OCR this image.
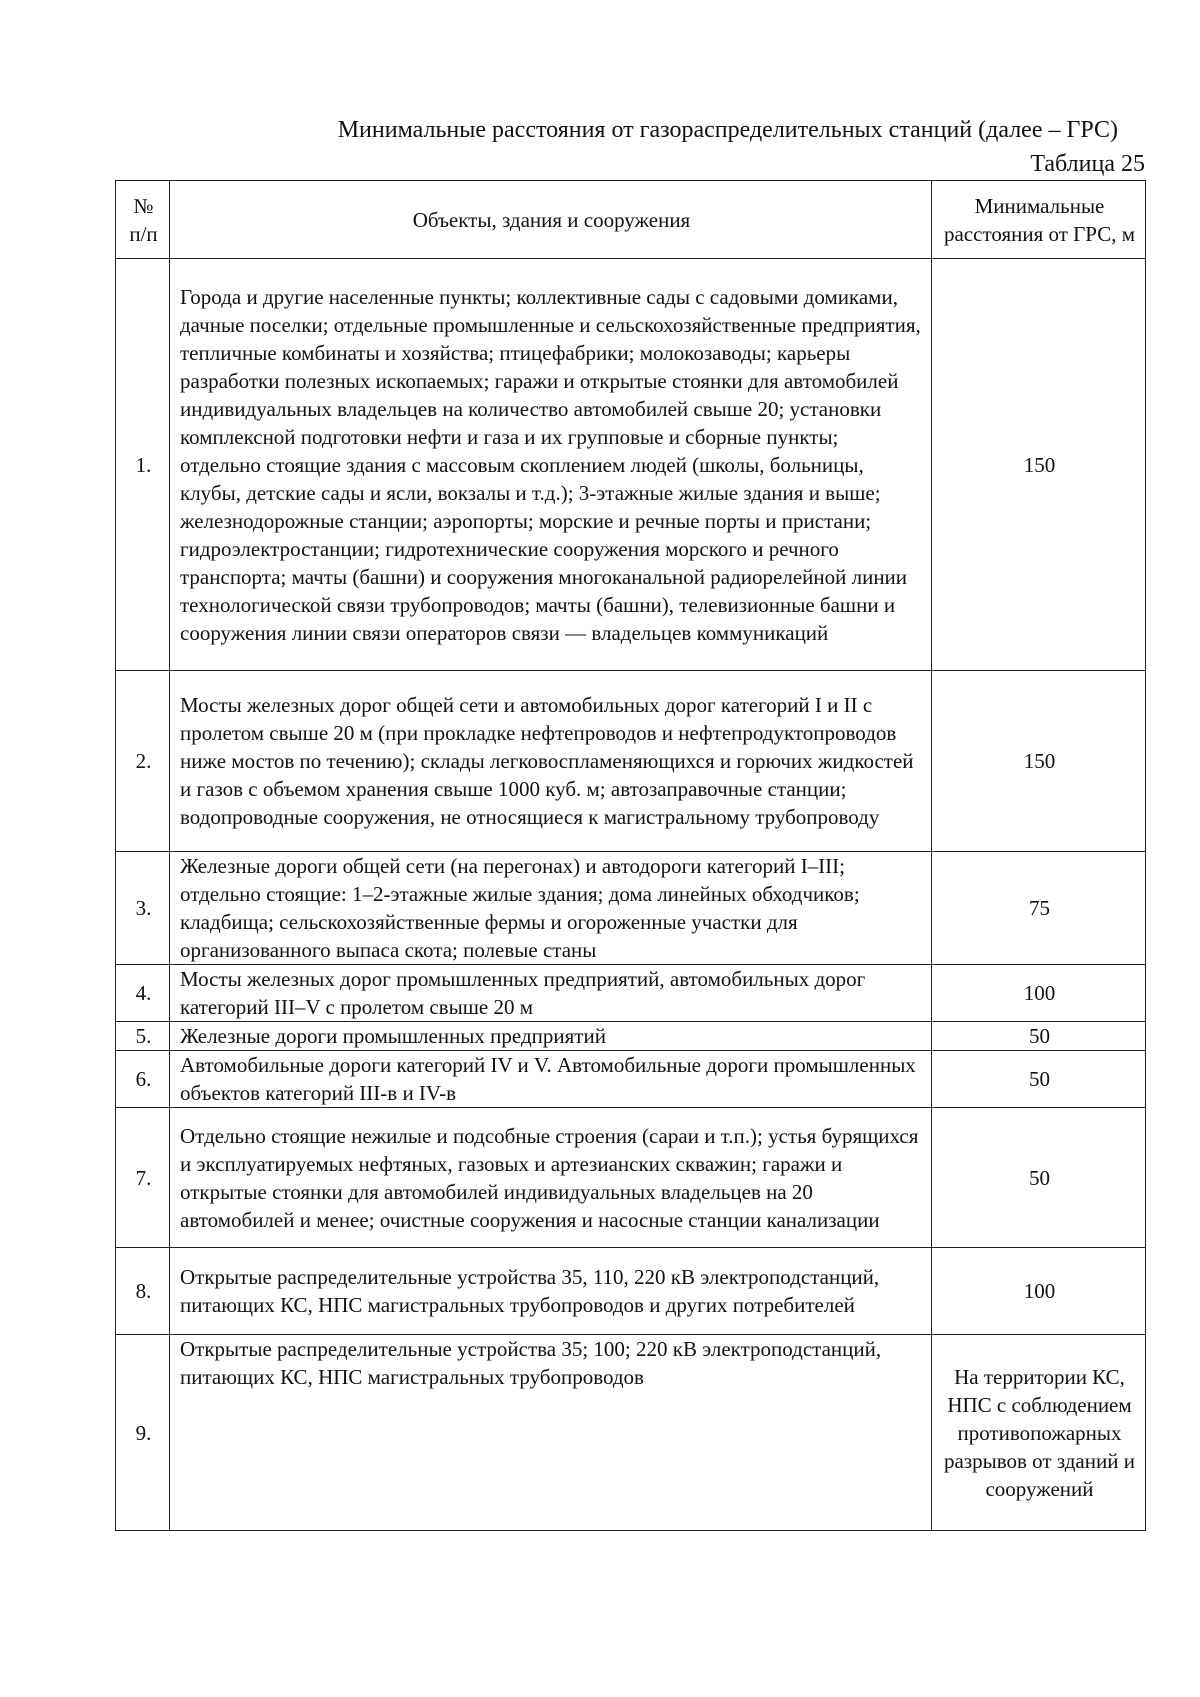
Минимальные расстояния от газораспределительных станций (далее – ГРС)
Таблица 25
№ п/п	Объекты, здания и сооружения	Минимальные расстояния от ГРС, м
1.	Города и другие населенные пункты; коллективные сады с садовыми домиками, дачные поселки; отдельные промышленные и сельскохозяйственные предприятия, тепличные комбинаты и хозяйства; птицефабрики; молокозаводы; карьеры разработки полезных ископаемых; гаражи и открытые стоянки для автомобилей индивидуальных владельцев на количество автомобилей свыше 20; установки комплексной подготовки нефти и газа и их групповые и сборные пункты; отдельно стоящие здания с массовым скоплением людей (школы, больницы, клубы, детские сады и ясли, вокзалы и т.д.); 3-этажные жилые здания и выше; железнодорожные станции; аэропорты; морские и речные порты и пристани; гидроэлектростанции; гидротехнические сооружения морского и речного транспорта; мачты (башни) и сооружения многоканальной радиорелейной линии технологической связи трубопроводов; мачты (башни), телевизионные башни и сооружения линии связи операторов связи — владельцев коммуникаций	150
2.	Мосты железных дорог общей сети и автомобильных дорог категорий I и II с пролетом свыше 20 м (при прокладке нефтепроводов и нефтепродуктопроводов ниже мостов по течению); склады легковоспламеняющихся и горючих жидкостей и газов с объемом хранения свыше 1000 куб. м; автозаправочные станции; водопроводные сооружения, не относящиеся к магистральному трубопроводу	150
3.	Железные дороги общей сети (на перегонах) и автодороги категорий I–III; отдельно стоящие: 1–2-этажные жилые здания; дома линейных обходчиков; кладбища; сельскохозяйственные фермы и огороженные участки для организованного выпаса скота; полевые станы	75
4.	Мосты железных дорог промышленных предприятий, автомобильных дорог категорий III–V с пролетом свыше 20 м	100
5.	Железные дороги промышленных предприятий	50
6.	Автомобильные дороги категорий IV и V. Автомобильные дороги промышленных объектов категорий III-в и IV-в	50
7.	Отдельно стоящие нежилые и подсобные строения (сараи и т.п.); устья бурящихся и эксплуатируемых нефтяных, газовых и артезианских скважин; гаражи и открытые стоянки для автомобилей индивидуальных владельцев на 20 автомобилей и менее; очистные сооружения и насосные станции канализации	50
8.	Открытые распределительные устройства 35, 110, 220 кВ электроподстанций, питающих КС, НПС магистральных трубопроводов и других потребителей	100
9.	Открытые распределительные устройства 35; 100; 220 кВ электроподстанций, питающих КС, НПС магистральных трубопроводов	На территории КС, НПС с соблюдением противопожарных разрывов от зданий и сооружений
